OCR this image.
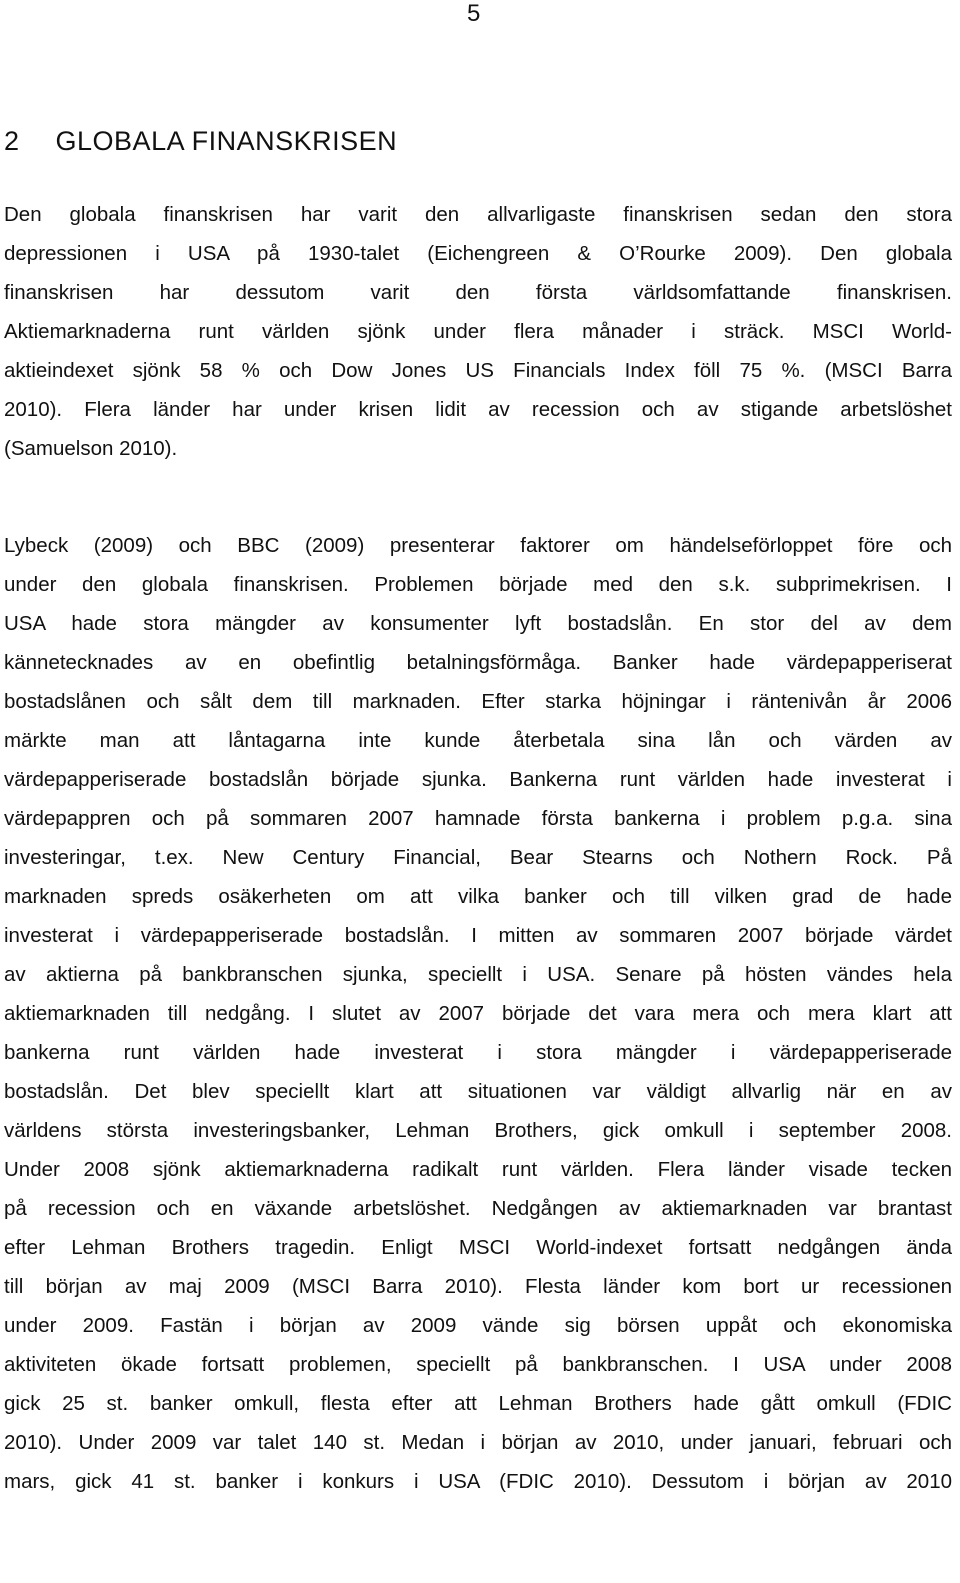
5
2 GLOBALA FINANSKRISEN
Den globala finanskrisen har varit den allvarligaste finanskrisen sedan den stora
depressionen i USA på 1930-talet (Eichengreen & O’Rourke 2009). Den globala
finanskrisen har dessutom varit den första världsomfattande finanskrisen.
Aktiemarknaderna runt världen sjönk under flera månader i sträck. MSCI World-
aktieindexet sjönk 58 % och Dow Jones US Financials Index föll 75 %. (MSCI Barra
2010). Flera länder har under krisen lidit av recession och av stigande arbetslöshet
(Samuelson 2010).
Lybeck (2009) och BBC (2009) presenterar faktorer om händelseförloppet före och
under den globala finanskrisen. Problemen började med den s.k. subprimekrisen. I
USA hade stora mängder av konsumenter lyft bostadslån. En stor del av dem
kännetecknades av en obefintlig betalningsförmåga. Banker hade värdepapperiserat
bostadslånen och sålt dem till marknaden. Efter starka höjningar i räntenivån år 2006
märkte man att låntagarna inte kunde återbetala sina lån och värden av
värdepapperiserade bostadslån började sjunka. Bankerna runt världen hade investerat i
värdepappren och på sommaren 2007 hamnade första bankerna i problem p.g.a. sina
investeringar, t.ex. New Century Financial, Bear Stearns och Nothern Rock. På
marknaden spreds osäkerheten om att vilka banker och till vilken grad de hade
investerat i värdepapperiserade bostadslån. I mitten av sommaren 2007 började värdet
av aktierna på bankbranschen sjunka, speciellt i USA. Senare på hösten vändes hela
aktiemarknaden till nedgång. I slutet av 2007 började det vara mera och mera klart att
bankerna runt världen hade investerat i stora mängder i värdepapperiserade
bostadslån. Det blev speciellt klart att situationen var väldigt allvarlig när en av
världens största investeringsbanker, Lehman Brothers, gick omkull i september 2008.
Under 2008 sjönk aktiemarknaderna radikalt runt världen. Flera länder visade tecken
på recession och en växande arbetslöshet. Nedgången av aktiemarknaden var brantast
efter Lehman Brothers tragedin. Enligt MSCI World-indexet fortsatt nedgången ända
till början av maj 2009 (MSCI Barra 2010). Flesta länder kom bort ur recessionen
under 2009. Fastän i början av 2009 vände sig börsen uppåt och ekonomiska
aktiviteten ökade fortsatt problemen, speciellt på bankbranschen. I USA under 2008
gick 25 st. banker omkull, flesta efter att Lehman Brothers hade gått omkull (FDIC
2010). Under 2009 var talet 140 st. Medan i början av 2010, under januari, februari och
mars, gick 41 st. banker i konkurs i USA (FDIC 2010). Dessutom i början av 2010
